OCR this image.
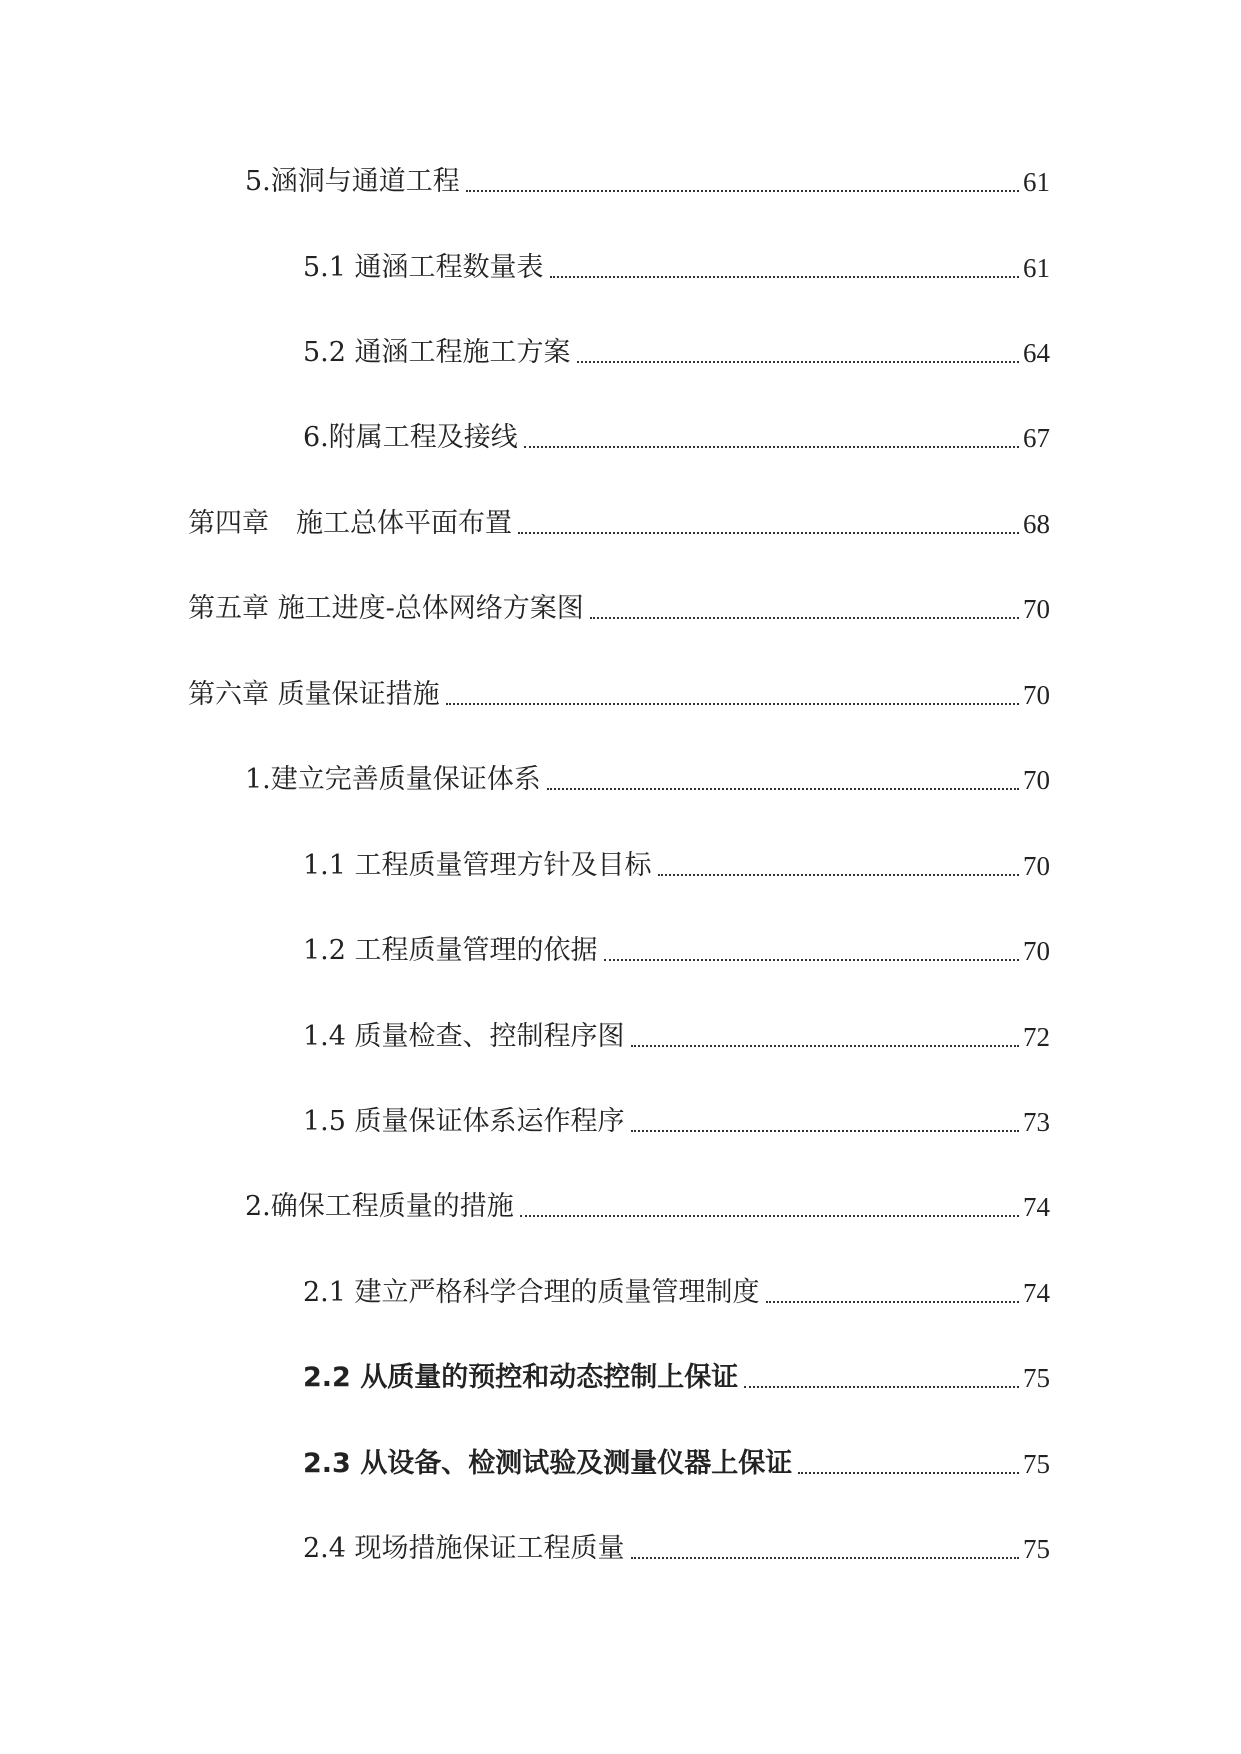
5.涵洞与通道工程	61
5.1 通涵工程数量表	61
5.2 通涵工程施工方案	64
6.附属工程及接线	67
第四章　施工总体平面布置	68
第五章 施工进度-总体网络方案图	70
第六章 质量保证措施	70
1.建立完善质量保证体系	70
1.1 工程质量管理方针及目标	70
1.2 工程质量管理的依据	70
1.4 质量检查、控制程序图	72
1.5 质量保证体系运作程序	73
2.确保工程质量的措施	74
2.1 建立严格科学合理的质量管理制度	74
2.2 从质量的预控和动态控制上保证	75
2.3 从设备、检测试验及测量仪器上保证	75
2.4 现场措施保证工程质量	75
